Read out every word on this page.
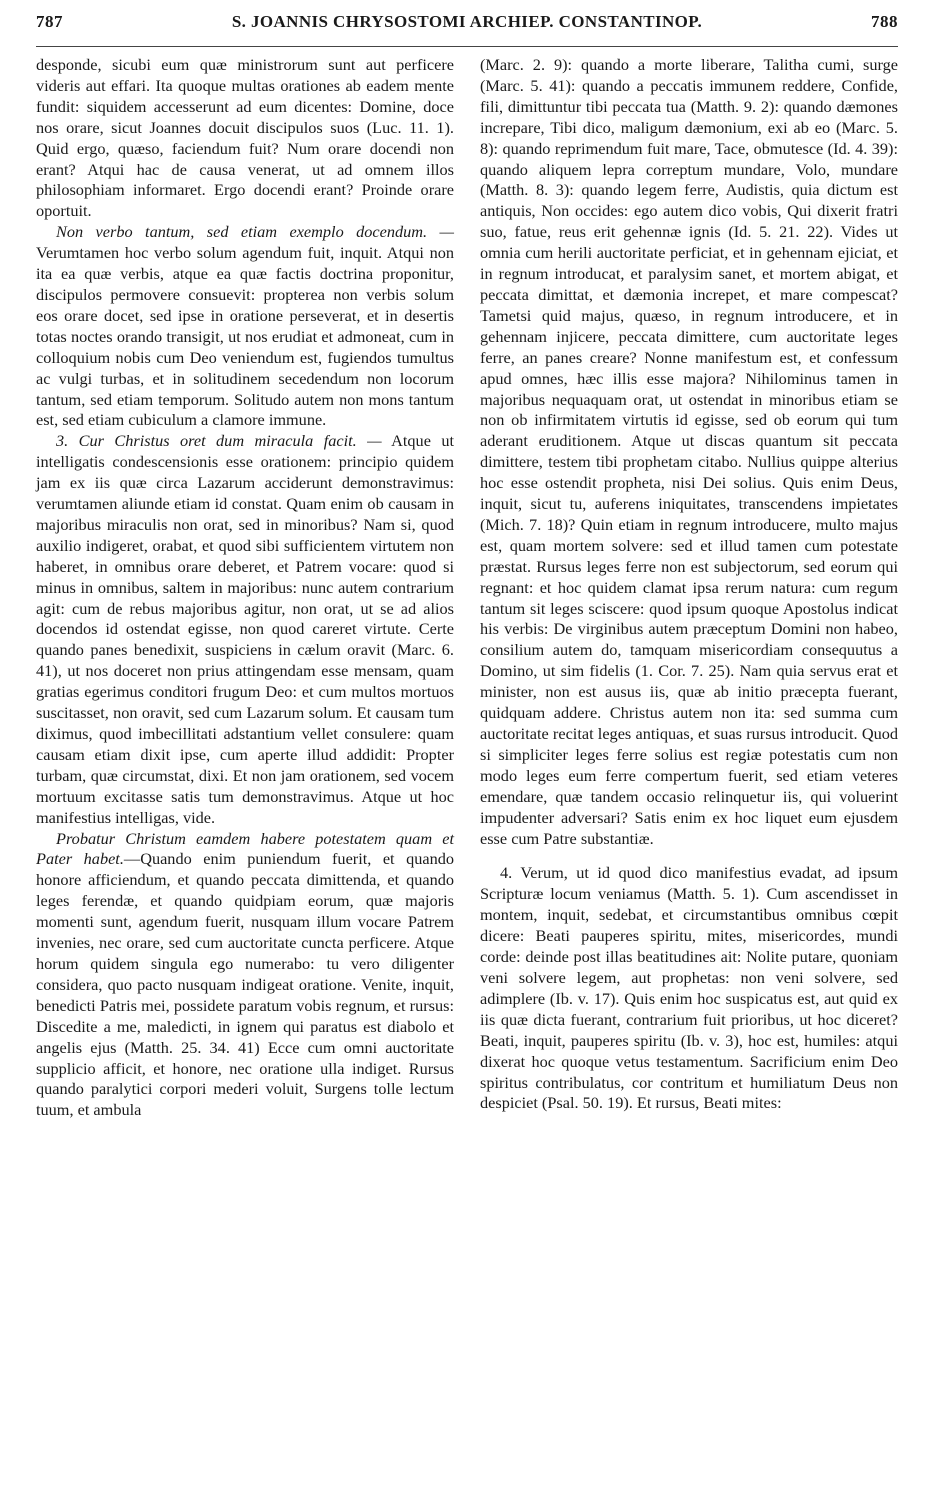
787	S. JOANNIS CHRYSOSTOMI ARCHIEP. CONSTANTINOP.	788

desponde, sicubi eum quæ ministrorum sunt aut perficere videris aut effari. Ita quoque multas orationes ab eadem mente fundit: siquidem accesserunt ad eum dicentes: Domine, doce nos orare, sicut Joannes docuit discipulos suos (Luc. 11. 1). Quid ergo, quæso, faciendum fuit? Num orare docendi non erant? Atqui hac de causa venerat, ut ad omnem illos philosophiam informaret. Ergo docendi erant? Proinde orare oportuit.

Non verbo tantum, sed etiam exemplo docendum. — Verumtamen hoc verbo solum agendum fuit, inquit. Atqui non ita ea quæ verbis, atque ea quæ factis doctrina proponitur, discipulos permovere consuevit: propterea non verbis solum eos orare docet, sed ipse in oratione perseverat, et in desertis totas noctes orando transigit, ut nos erudiat et admoneat, cum in colloquium nobis cum Deo veniendum est, fugiendos tumultus ac vulgi turbas, et in solitudinem secedendum non locorum tantum, sed etiam temporum. Solitudo autem non mons tantum est, sed etiam cubiculum a clamore immune.

3. Cur Christus oret dum miracula facit. — Atque ut intelligatis condescensionis esse orationem: principio quidem jam ex iis quæ circa Lazarum acciderunt demonstravimus: verumtamen aliunde etiam id constat. Quam enim ob causam in majoribus miraculis non orat, sed in minoribus? Nam si, quod auxilio indigeret, orabat, et quod sibi sufficientem virtutem non haberet, in omnibus orare deberet, et Patrem vocare: quod si minus in omnibus, saltem in majoribus: nunc autem contrarium agit: cum de rebus majoribus agitur, non orat, ut se ad alios docendos id ostendat egisse, non quod careret virtute. Certe quando panes benedixit, suspiciens in cælum oravit (Marc. 6. 41), ut nos doceret non prius attingendam esse mensam, quam gratias egerimus conditori frugum Deo: et cum multos mortuos suscitasset, non oravit, sed cum Lazarum solum. Et causam tum diximus, quod imbecillitati adstantium vellet consulere: quam causam etiam dixit ipse, cum aperte illud addidit: Propter turbam, quæ circumstat, dixi. Et non jam orationem, sed vocem mortuum excitasse satis tum demonstravimus. Atque ut hoc manifestius intelligas, vide.

Probatur Christum eamdem habere potestatem quam et Pater habet.—Quando enim puniendum fuerit, et quando honore afficiendum, et quando peccata dimittenda, et quando leges ferendæ, et quando quidpiam eorum, quæ majoris momenti sunt, agendum fuerit, nusquam illum vocare Patrem invenies, nec orare, sed cum auctoritate cuncta perficere. Atque horum quidem singula ego numerabo: tu vero diligenter considera, quo pacto nusquam indigeat oratione. Venite, inquit, benedicti Patris mei, possidete paratum vobis regnum, et rursus: Discedite a me, maledicti, in ignem qui paratus est diabolo et angelis ejus (Matth. 25. 34. 41) Ecce cum omni auctoritate supplicio afficit, et honore, nec oratione ulla indiget. Rursus quando paralytici corpori mederi voluit, Surgens tolle lectum tuum, et ambula

(Marc. 2. 9): quando a morte liberare, Talitha cumi, surge (Marc. 5. 41): quando a peccatis immunem reddere, Confide, fili, dimittuntur tibi peccata tua (Matth. 9. 2): quando dæmones increpare, Tibi dico, maligum dæmonium, exi ab eo (Marc. 5. 8): quando reprimendum fuit mare, Tace, obmutesce (Id. 4. 39): quando aliquem lepra correptum mundare, Volo, mundare (Matth. 8. 3): quando legem ferre, Audistis, quia dictum est antiquis, Non occides: ego autem dico vobis, Qui dixerit fratri suo, fatue, reus erit gehennæ ignis (Id. 5. 21. 22). Vides ut omnia cum herili auctoritate perficiat, et in gehennam ejiciat, et in regnum introducat, et paralysim sanet, et mortem abigat, et peccata dimittat, et dæmonia increpet, et mare compescat? Tametsi quid majus, quæso, in regnum introducere, et in gehennam injicere, peccata dimittere, cum auctoritate leges ferre, an panes creare? Nonne manifestum est, et confessum apud omnes, hæc illis esse majora? Nihilominus tamen in majoribus nequaquam orat, ut ostendat in minoribus etiam se non ob infirmitatem virtutis id egisse, sed ob eorum qui tum aderant eruditionem. Atque ut discas quantum sit peccata dimittere, testem tibi prophetam citabo. Nullius quippe alterius hoc esse ostendit propheta, nisi Dei solius. Quis enim Deus, inquit, sicut tu, auferens iniquitates, transcendens impietates (Mich. 7. 18)? Quin etiam in regnum introducere, multo majus est, quam mortem solvere: sed et illud tamen cum potestate præstat. Rursus leges ferre non est subjectorum, sed eorum qui regnant: et hoc quidem clamat ipsa rerum natura: cum regum tantum sit leges sciscere: quod ipsum quoque Apostolus indicat his verbis: De virginibus autem præceptum Domini non habeo, consilium autem do, tamquam misericordiam consequutus a Domino, ut sim fidelis (1. Cor. 7. 25). Nam quia servus erat et minister, non est ausus iis, quæ ab initio præcepta fuerant, quidquam addere. Christus autem non ita: sed summa cum auctoritate recitat leges antiquas, et suas rursus introducit. Quod si simpliciter leges ferre solius est regiæ potestatis cum non modo leges eum ferre compertum fuerit, sed etiam veteres emendare, quæ tandem occasio relinquetur iis, qui voluerint impudenter adversari? Satis enim ex hoc liquet eum ejusdem esse cum Patre substantiæ.

4. Verum, ut id quod dico manifestius evadat, ad ipsum Scripturæ locum veniamus (Matth. 5. 1). Cum ascendisset in montem, inquit, sedebat, et circumstantibus omnibus cœpit dicere: Beati pauperes spiritu, mites, misericordes, mundi corde: deinde post illas beatitudines ait: Nolite putare, quoniam veni solvere legem, aut prophetas: non veni solvere, sed adimplere (Ib. v. 17). Quis enim hoc suspicatus est, aut quid ex iis quæ dicta fuerant, contrarium fuit prioribus, ut hoc diceret? Beati, inquit, pauperes spiritu (Ib. v. 3), hoc est, humiles: atqui dixerat hoc quoque vetus testamentum. Sacrificium enim Deo spiritus contribulatus, cor contritum et humiliatum Deus non despiciet (Psal. 50. 19). Et rursus, Beati mites:
